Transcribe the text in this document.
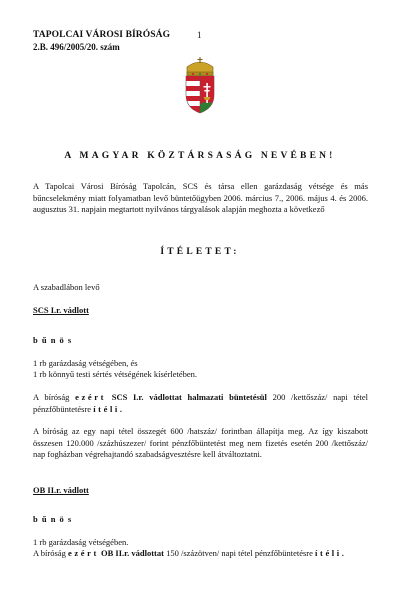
TAPOLCAI VÁROSI BÍRÓSÁG
2.B. 496/2005/20. szám
1
A MAGYAR KÖZTÁRSASÁG NEVÉBEN!
A Tapolcai Városi Bíróság Tapolcán, SCS és társa ellen garázdaság vétsége és más bűncselekmény miatt folyamatban levő büntetőügyben 2006. március 7., 2006. május 4. és 2006. augusztus 31. napjain megtartott nyilvános tárgyalások alapján meghozta a következő
ÍTÉLETET:
A szabadlábon levő
SCS I.r. vádlott
b ű n ö s
1 rb garázdaság vétségében, és
1 rb könnyű testi sértés vétségének kísérletében.
A bíróság ezért SCS I.r. vádlottat halmazati büntetésül 200 /kettőszáz/ napi tétel pénzfőbüntetésre ítéli.
A bíróság az egy napi tétel összegét 600 /hatszáz/ forintban állapítja meg. Az így kiszabott összesen 120.000 /százhúszezer/ forint pénzfőbüntetést meg nem fizetés esetén 200 /kettőszáz/ nap fogházban végrehajtandó szabadságvesztésre kell átváltoztatni.
OB II.r. vádlott
b ű n ö s
1 rb garázdaság vétségében.
A bíróság ezért OB II.r. vádlottat 150 /százötven/ napi tétel pénzfőbüntetésre ítéli.
